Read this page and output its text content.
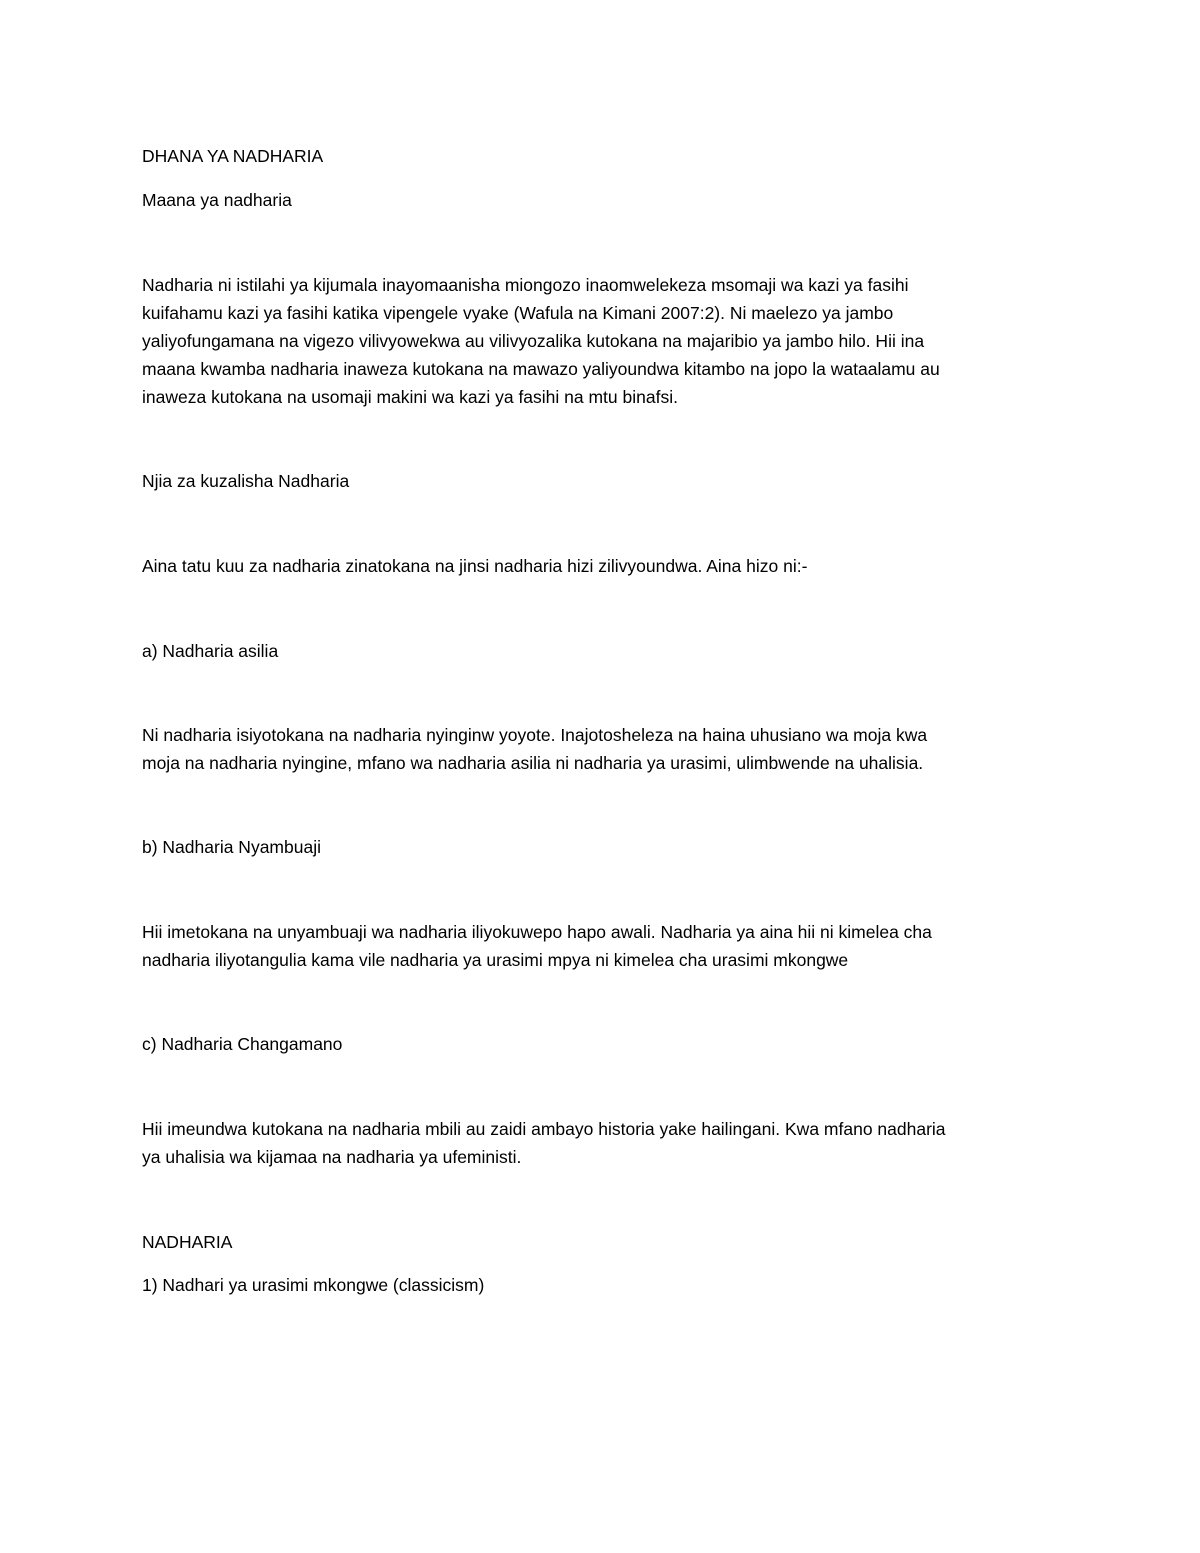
DHANA YA NADHARIA
Maana ya nadharia
Nadharia ni istilahi ya kijumala inayomaanisha miongozo inaomwelekeza msomaji wa kazi ya fasihi
kuifahamu kazi ya fasihi katika vipengele vyake (Wafula na Kimani 2007:2). Ni maelezo ya jambo
yaliyofungamana na vigezo vilivyowekwa au vilivyozalika kutokana na majaribio ya jambo hilo. Hii ina
maana kwamba nadharia inaweza kutokana na mawazo yaliyoundwa kitambo na jopo la wataalamu au
inaweza kutokana na usomaji makini wa kazi ya fasihi na mtu binafsi.
Njia za kuzalisha Nadharia
Aina tatu kuu za nadharia zinatokana na jinsi nadharia hizi zilivyoundwa. Aina hizo ni:-
a) Nadharia asilia
Ni nadharia isiyotokana na nadharia nyinginw yoyote. Inajotosheleza na haina uhusiano wa moja kwa
moja na nadharia nyingine, mfano wa nadharia asilia ni nadharia ya urasimi, ulimbwende na uhalisia.
b) Nadharia Nyambuaji
Hii imetokana na unyambuaji wa nadharia iliyokuwepo hapo awali. Nadharia ya aina hii ni kimelea cha
nadharia iliyotangulia kama vile nadharia ya urasimi mpya ni kimelea cha urasimi mkongwe
c) Nadharia Changamano
Hii imeundwa kutokana na nadharia mbili au zaidi ambayo historia yake hailingani. Kwa mfano nadharia
ya uhalisia wa kijamaa na nadharia ya ufeministi.
NADHARIA
1) Nadhari ya urasimi mkongwe (classicism)
